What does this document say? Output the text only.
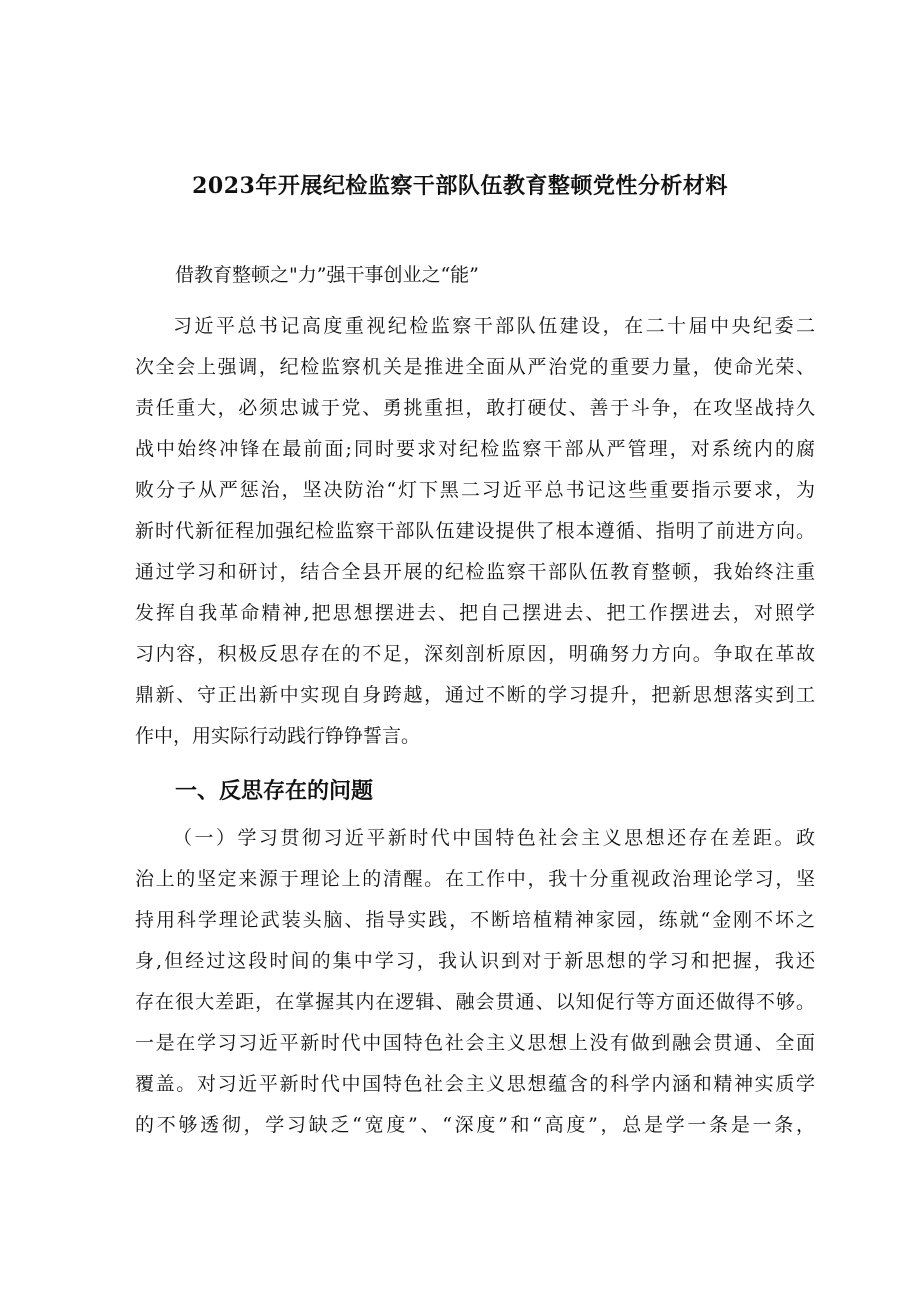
2023年开展纪检监察干部队伍教育整顿党性分析材料

借教育整顿之"力”强干事创业之“能”

习近平总书记高度重视纪检监察干部队伍建设，在二十届中央纪委二
次全会上强调，纪检监察机关是推进全面从严治党的重要力量，使命光荣、
责任重大，必须忠诚于党、勇挑重担，敢打硬仗、善于斗争，在攻坚战持久
战中始终冲锋在最前面;同时要求对纪检监察干部从严管理，对系统内的腐
败分子从严惩治，坚决防治“灯下黑二习近平总书记这些重要指示要求，为
新时代新征程加强纪检监察干部队伍建设提供了根本遵循、指明了前进方向。
通过学习和研讨，结合全县开展的纪检监察干部队伍教育整顿，我始终注重
发挥自我革命精神,把思想摆进去、把自己摆进去、把工作摆进去，对照学
习内容，积极反思存在的不足，深刻剖析原因，明确努力方向。争取在革故
鼎新、守正出新中实现自身跨越，通过不断的学习提升，把新思想落实到工
作中，用实际行动践行铮铮誓言。
一、反思存在的问题
（一）学习贯彻习近平新时代中国特色社会主义思想还存在差距。政
治上的坚定来源于理论上的清醒。在工作中，我十分重视政治理论学习，坚
持用科学理论武装头脑、指导实践，不断培植精神家园，练就“金刚不坏之
身,但经过这段时间的集中学习，我认识到对于新思想的学习和把握，我还
存在很大差距，在掌握其内在逻辑、融会贯通、以知促行等方面还做得不够。
一是在学习习近平新时代中国特色社会主义思想上没有做到融会贯通、全面
覆盖。对习近平新时代中国特色社会主义思想蕴含的科学内涵和精神实质学
的不够透彻，学习缺乏“宽度”、“深度”和“高度”，总是学一条是一条，
